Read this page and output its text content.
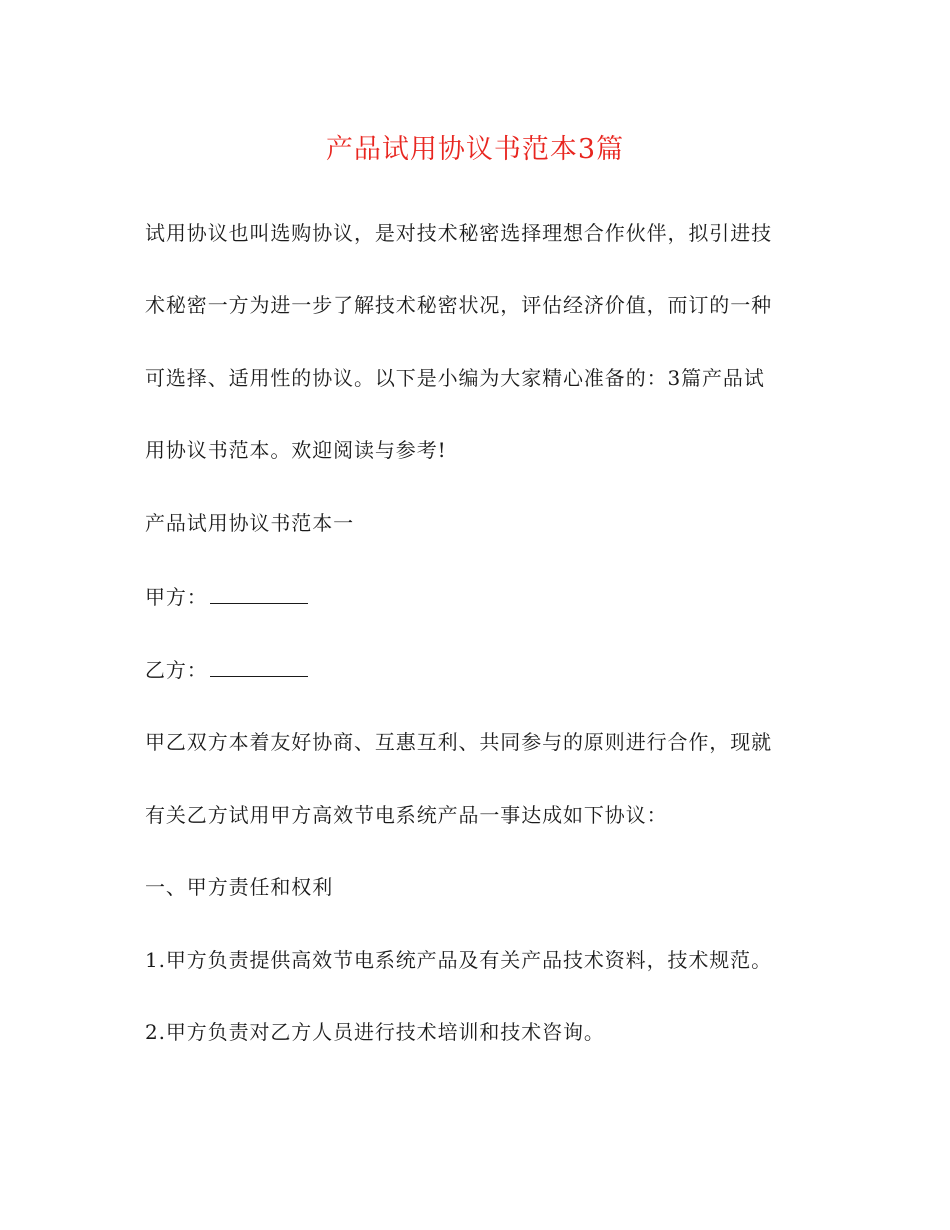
产品试用协议书范本3篇
试用协议也叫选购协议，是对技术秘密选择理想合作伙伴，拟引进技
术秘密一方为进一步了解技术秘密状况，评估经济价值，而订的一种
可选择、适用性的协议。以下是小编为大家精心准备的：3篇产品试
用协议书范本。欢迎阅读与参考!
产品试用协议书范本一
甲方：
乙方：
甲乙双方本着友好协商、互惠互利、共同参与的原则进行合作，现就
有关乙方试用甲方高效节电系统产品一事达成如下协议：
一、甲方责任和权利
1.甲方负责提供高效节电系统产品及有关产品技术资料，技术规范。
2.甲方负责对乙方人员进行技术培训和技术咨询。
